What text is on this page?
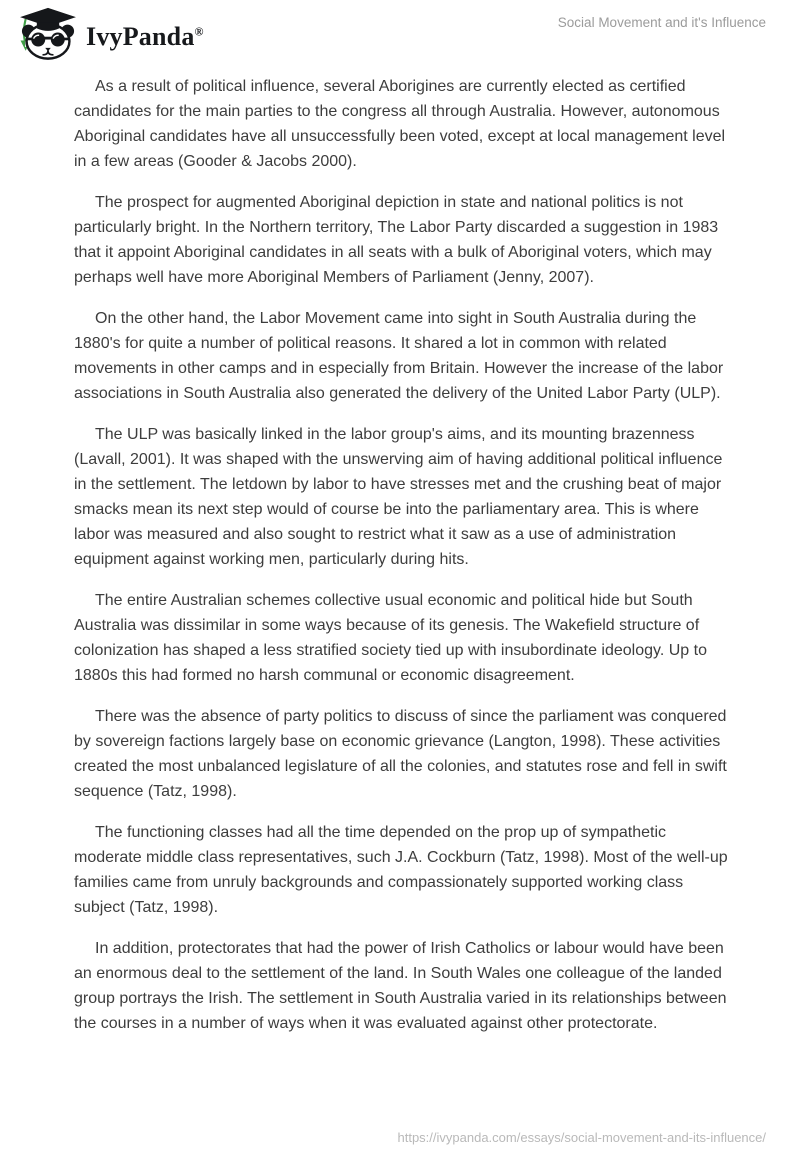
IvyPanda®
Social Movement and it's Influence

As a result of political influence, several Aborigines are currently elected as certified candidates for the main parties to the congress all through Australia. However, autonomous Aboriginal candidates have all unsuccessfully been voted, except at local management level in a few areas (Gooder & Jacobs 2000).

The prospect for augmented Aboriginal depiction in state and national politics is not particularly bright. In the Northern territory, The Labor Party discarded a suggestion in 1983 that it appoint Aboriginal candidates in all seats with a bulk of Aboriginal voters, which may perhaps well have more Aboriginal Members of Parliament (Jenny, 2007).

On the other hand, the Labor Movement came into sight in South Australia during the 1880's for quite a number of political reasons. It shared a lot in common with related movements in other camps and in especially from Britain. However the increase of the labor associations in South Australia also generated the delivery of the United Labor Party (ULP).

The ULP was basically linked in the labor group's aims, and its mounting brazenness (Lavall, 2001). It was shaped with the unswerving aim of having additional political influence in the settlement. The letdown by labor to have stresses met and the crushing beat of major smacks mean its next step would of course be into the parliamentary area. This is where labor was measured and also sought to restrict what it saw as a use of administration equipment against working men, particularly during hits.

The entire Australian schemes collective usual economic and political hide but South Australia was dissimilar in some ways because of its genesis. The Wakefield structure of colonization has shaped a less stratified society tied up with insubordinate ideology. Up to 1880s this had formed no harsh communal or economic disagreement.

There was the absence of party politics to discuss of since the parliament was conquered by sovereign factions largely base on economic grievance (Langton, 1998). These activities created the most unbalanced legislature of all the colonies, and statutes rose and fell in swift sequence (Tatz, 1998).

The functioning classes had all the time depended on the prop up of sympathetic moderate middle class representatives, such J.A. Cockburn (Tatz, 1998). Most of the well-up families came from unruly backgrounds and compassionately supported working class subject (Tatz, 1998).

In addition, protectorates that had the power of Irish Catholics or labour would have been an enormous deal to the settlement of the land. In South Wales one colleague of the landed group portrays the Irish. The settlement in South Australia varied in its relationships between the courses in a number of ways when it was evaluated against other protectorate.

https://ivypanda.com/essays/social-movement-and-its-influence/
